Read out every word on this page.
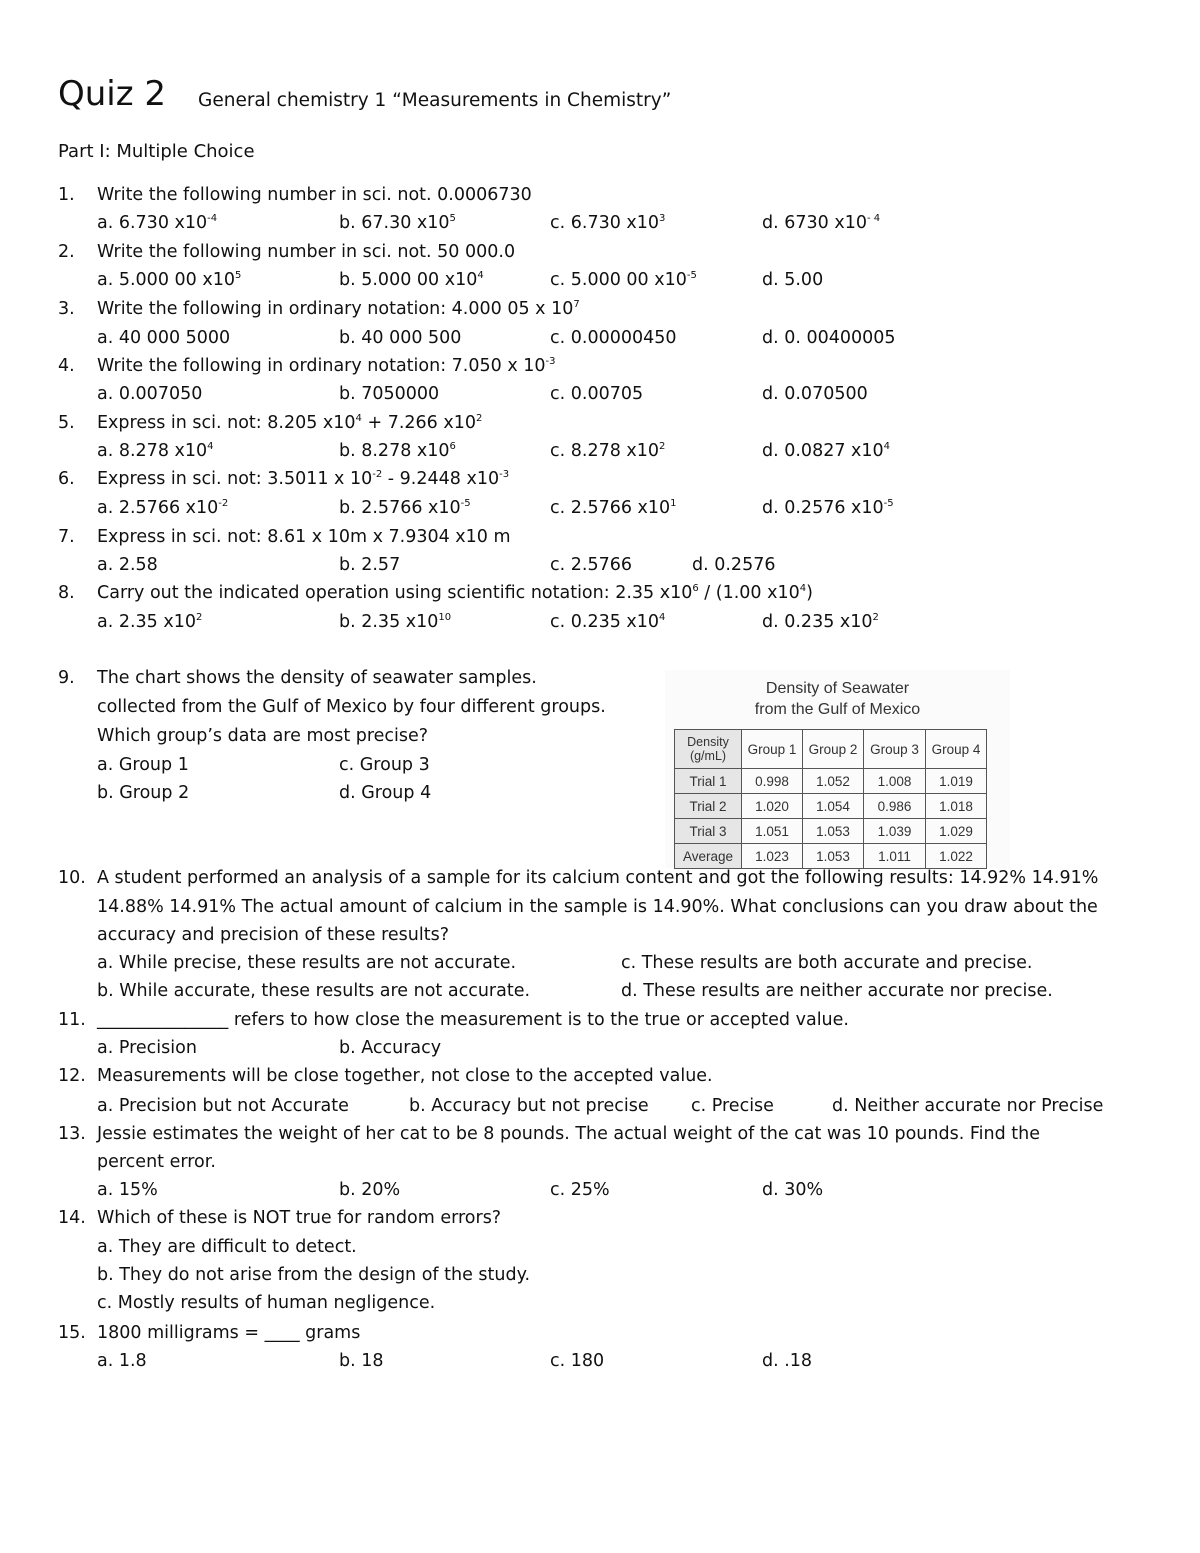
Quiz 2 General chemistry 1 “Measurements in Chemistry”
Part I: Multiple Choice
1. Write the following number in sci. not. 0.0006730
a. 6.730 $x10^{-4}$	b. 67.30 $x10^5$	c. 6.730 $x10^3$	d. 6730 $x10^{- 4}$
2. Write the following number in sci. not. 50 000.0
a. 5.000 00 $x10^5$	b. 5.000 00 $x10^4$	c. 5.000 00 $x10^{-5}$	d. 5.00
3. Write the following in ordinary notation: 4.000 05 x $10^7$
a. 40 000 5000	b. 40 000 500	c. 0.00000450	d. 0. 00400005
4. Write the following in ordinary notation: 7.050 x $10^{-3}$
a. 0.007050	b. 7050000	c. 0.00705	d. 0.070500
5. Express in sci. not: 8.205 $x10^4 + 7.266$ $x10^2$
a. 8.278 $x10^4$	b. 8.278 $x10^6$	c. 8.278 $x10^2$	d. 0.0827 $x10^4$
6. Express in sci. not: 3.5011 x $10^{-2} - 9.2448$ $x10^{-3}$
a. 2.5766 $x10^{-2}$	b. 2.5766 $x10^{-5}$	c. 2.5766 $x10^1$	d. 0.2576 $x10^{-5}$
7. Express in sci. not: 8.61 x 10m x 7.9304 x10 m
a. 2.58	b. 2.57	c. 2.5766	d. 0.2576
8. Carry out the indicated operation using scientific notation: 2.35 $x10^6 / (1.00$ $x10^4$)
a. 2.35 $x10^2$	b. 2.35 $x10^{10}$	c. 0.235 $x10^4$	d. 0.235 $x10^2$
9. The chart shows the density of seawater samples.
collected from the Gulf of Mexico by four different groups.
Which group’s data are most precise?
a. Group 1
b. Group 2
c. Group 3
d. Group 4
10. A student performed an analysis of a sample for its calcium content and got the following results: 14.92% 14.91%
14.88% 14.91% The actual amount of calcium in the sample is 14.90%. What conclusions can you draw about the
accuracy and precision of these results?
a. While precise, these results are not accurate.
b. While accurate, these results are not accurate.
c. These results are both accurate and precise.
d. These results are neither accurate nor precise.
Density of Seawater
from the Gulf of Mexico
Density
(g/mL)	Group 1	Group 2	Group 3	Group 4
Trial 1	0.998	1.052	1.008	1.019
Trial 2	1.020	1.054	0.986	1.018
Trial 3	1.051	1.053	1.039	1.029
Average	1.023	1.053	1.011	1.022
11. _______________ refers to how close the measurement is to the true or accepted value.
a. Precision	b. Accuracy
12. Measurements will be close together, not close to the accepted value.
a. Precision but not Accurate	b. Accuracy but not precise c. Precise	d. Neither accurate nor Precise
13. Jessie estimates the weight of her cat to be 8 pounds. The actual weight of the cat was 10 pounds. Find the
percent error.
a. 15%	b. 20%	c. 25%	d. 30%
14. Which of these is NOT true for random errors?
a. They are difficult to detect.
b. They do not arise from the design of the study.
c. Mostly results of human negligence.
15. 1800 milligrams = ____ grams
a. 1.8	b. 18	c. 180	d. .18
